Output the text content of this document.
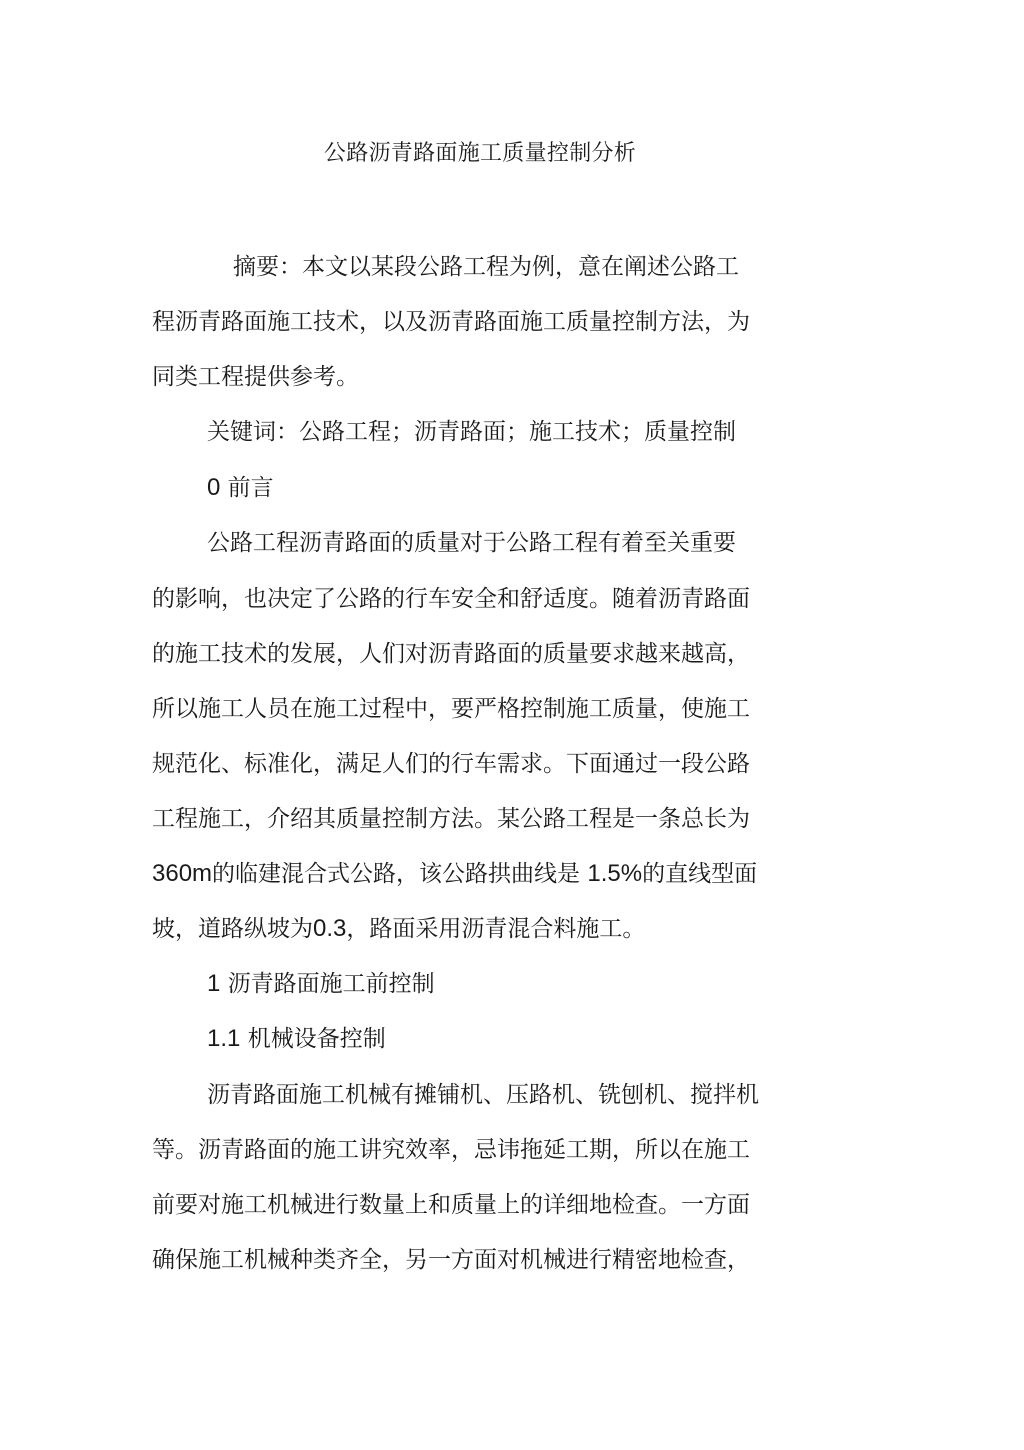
公路沥青路面施工质量控制分析
摘要：本文以某段公路工程为例，意在阐述公路工
程沥青路面施工技术，以及沥青路面施工质量控制方法，为
同类工程提供参考。
关键词：公路工程；沥青路面；施工技术；质量控制
0 前言
公路工程沥青路面的质量对于公路工程有着至关重要
的影响，也决定了公路的行车安全和舒适度。随着沥青路面
的施工技术的发展，人们对沥青路面的质量要求越来越高，
所以施工人员在施工过程中，要严格控制施工质量，使施工
规范化、标准化，满足人们的行车需求。下面通过一段公路
工程施工，介绍其质量控制方法。某公路工程是一条总长为
360m的临建混合式公路，该公路拱曲线是 1.5%的直线型面
坡，道路纵坡为0.3，路面采用沥青混合料施工。
1 沥青路面施工前控制
1.1 机械设备控制
沥青路面施工机械有摊铺机、压路机、铣刨机、搅拌机
等。沥青路面的施工讲究效率，忌讳拖延工期，所以在施工
前要对施工机械进行数量上和质量上的详细地检查。一方面
确保施工机械种类齐全，另一方面对机械进行精密地检查，
